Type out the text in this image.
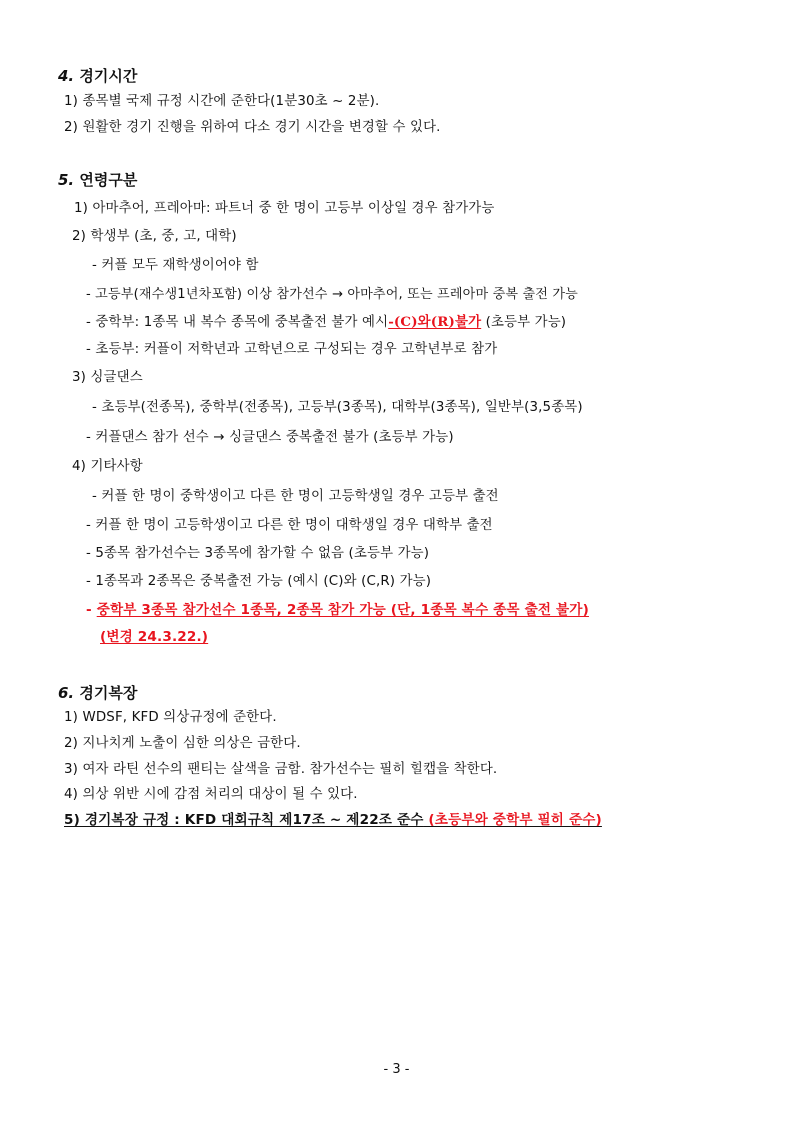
4. 경기시간
1) 종목별 국제 규정 시간에 준한다(1분30초 ~ 2분).
2) 원활한 경기 진행을 위하여 다소 경기 시간을 변경할 수 있다.
5. 연령구분
1) 아마추어, 프레아마: 파트너 중 한 명이 고등부 이상일 경우 참가가능
2) 학생부 (초, 중, 고, 대학)
- 커플 모두 재학생이어야 함
- 고등부(재수생1년차포함) 이상 참가선수 → 아마추어, 또는 프레아마 중복 출전 가능
- 중학부: 1종목 내 복수 종목에 중복출전 불가 예시-(C)와(R)불가 (초등부 가능)
- 초등부: 커플이 저학년과 고학년으로 구성되는 경우 고학년부로 참가
3) 싱글댄스
- 초등부(전종목), 중학부(전종목), 고등부(3종목), 대학부(3종목), 일반부(3,5종목)
- 커플댄스 참가 선수 → 싱글댄스 중복출전 불가 (초등부 가능)
4) 기타사항
- 커플 한 명이 중학생이고 다른 한 명이 고등학생일 경우 고등부 출전
- 커플 한 명이 고등학생이고 다른 한 명이 대학생일 경우 대학부 출전
- 5종목 참가선수는 3종목에 참가할 수 없음 (초등부 가능)
- 1종목과 2종목은 중복출전 가능 (예시 (C)와 (C,R) 가능)
- 중학부 3종목 참가선수 1종목, 2종목 참가 가능 (단, 1종목 복수 종목 출전 불가)
(변경 24.3.22.)
6. 경기복장
1) WDSF, KFD 의상규정에 준한다.
2) 지나치게 노출이 심한 의상은 금한다.
3) 여자 라틴 선수의 팬티는 살색을 금함. 참가선수는 필히 힐캡을 착한다.
4) 의상 위반 시에 감점 처리의 대상이 될 수 있다.
5) 경기복장 규정 : KFD 대회규칙 제17조 ~ 제22조 준수 (초등부와 중학부 필히 준수)
- 3 -
